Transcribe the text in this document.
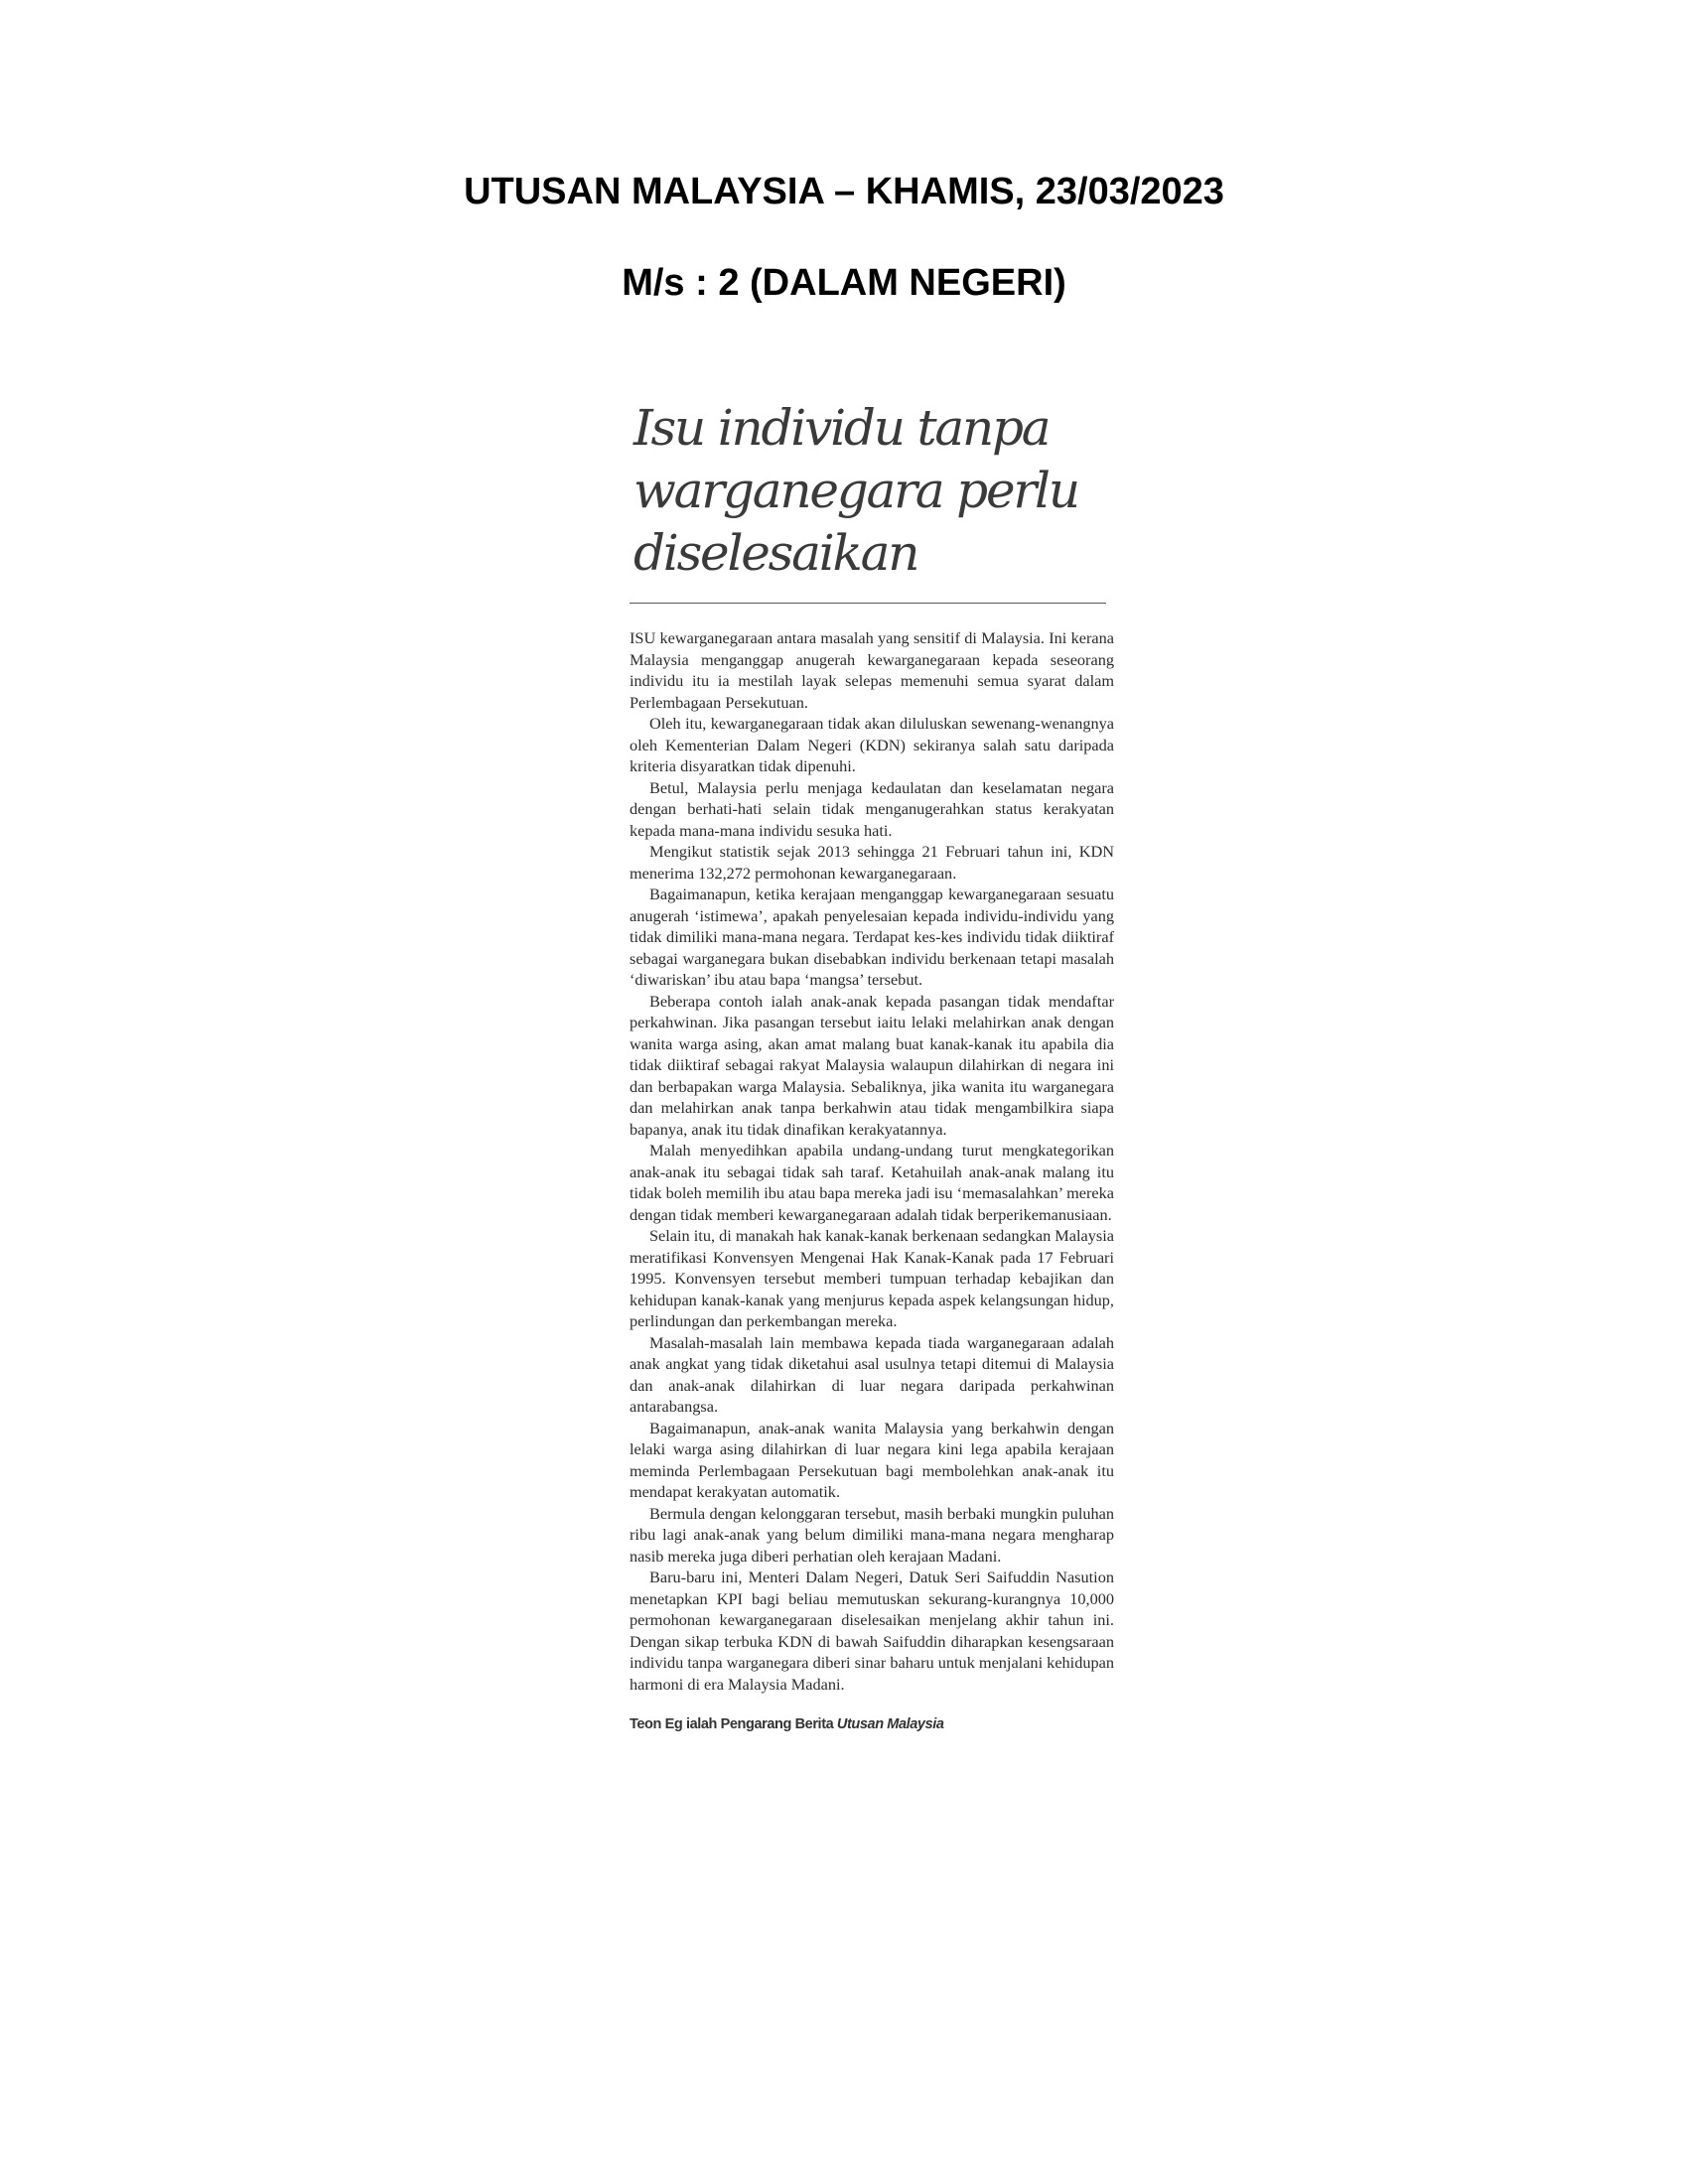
UTUSAN MALAYSIA – KHAMIS, 23/03/2023
M/s : 2 (DALAM NEGERI)
Isu individu tanpa
warganegara perlu
diselesaikan

ISU kewarganegaraan antara masalah yang sensitif di Malaysia. Ini kerana Malaysia menganggap anugerah kewarganegaraan kepada seseorang individu itu ia mestilah layak selepas memenuhi semua syarat dalam Perlembagaan Persekutuan.

Oleh itu, kewarganegaraan tidak akan diluluskan sewenang-wenangnya oleh Kementerian Dalam Negeri (KDN) sekiranya salah satu daripada kriteria disyaratkan tidak dipenuhi.

Betul, Malaysia perlu menjaga kedaulatan dan keselamatan negara dengan berhati-hati selain tidak menganugerahkan status kerakyatan kepada mana-mana individu sesuka hati.

Mengikut statistik sejak 2013 sehingga 21 Februari tahun ini, KDN menerima 132,272 permohonan kewarganegaraan.

Bagaimanapun, ketika kerajaan menganggap kewarganegaraan sesuatu anugerah ‘istimewa’, apakah penyelesaian kepada individu-individu yang tidak dimiliki mana-mana negara. Terdapat kes-kes individu tidak diiktiraf sebagai warganegara bukan disebabkan individu berkenaan tetapi masalah ‘diwariskan’ ibu atau bapa ‘mangsa’ tersebut.

Beberapa contoh ialah anak-anak kepada pasangan tidak mendaftar perkahwinan. Jika pasangan tersebut iaitu lelaki melahirkan anak dengan wanita warga asing, akan amat malang buat kanak-kanak itu apabila dia tidak diiktiraf sebagai rakyat Malaysia walaupun dilahirkan di negara ini dan berbapakan warga Malaysia. Sebaliknya, jika wanita itu warganegara dan melahirkan anak tanpa berkahwin atau tidak mengambilkira siapa bapanya, anak itu tidak dinafikan kerakyatannya.

Malah menyedihkan apabila undang-undang turut mengkategorikan anak-anak itu sebagai tidak sah taraf. Ketahuilah anak-anak malang itu tidak boleh memilih ibu atau bapa mereka jadi isu ‘memasalahkan’ mereka dengan tidak memberi kewarganegaraan adalah tidak berperikemanusiaan.

Selain itu, di manakah hak kanak-kanak berkenaan sedangkan Malaysia meratifikasi Konvensyen Mengenai Hak Kanak-Kanak pada 17 Februari 1995. Konvensyen tersebut memberi tumpuan terhadap kebajikan dan kehidupan kanak-kanak yang menjurus kepada aspek kelangsungan hidup, perlindungan dan perkembangan mereka.

Masalah-masalah lain membawa kepada tiada warganegaraan adalah anak angkat yang tidak diketahui asal usulnya tetapi ditemui di Malaysia dan anak-anak dilahirkan di luar negara daripada perkahwinan antarabangsa.

Bagaimanapun, anak-anak wanita Malaysia yang berkahwin dengan lelaki warga asing dilahirkan di luar negara kini lega apabila kerajaan meminda Perlembagaan Persekutuan bagi membolehkan anak-anak itu mendapat kerakyatan automatik.

Bermula dengan kelonggaran tersebut, masih berbaki mungkin puluhan ribu lagi anak-anak yang belum dimiliki mana-mana negara mengharap nasib mereka juga diberi perhatian oleh kerajaan Madani.

Baru-baru ini, Menteri Dalam Negeri, Datuk Seri Saifuddin Nasution menetapkan KPI bagi beliau memutuskan sekurang-kurangnya 10,000 permohonan kewarganegaraan diselesaikan menjelang akhir tahun ini. Dengan sikap terbuka KDN di bawah Saifuddin diharapkan kesengsaraan individu tanpa warganegara diberi sinar baharu untuk menjalani kehidupan harmoni di era Malaysia Madani.

Teon Eg ialah Pengarang Berita Utusan Malaysia
